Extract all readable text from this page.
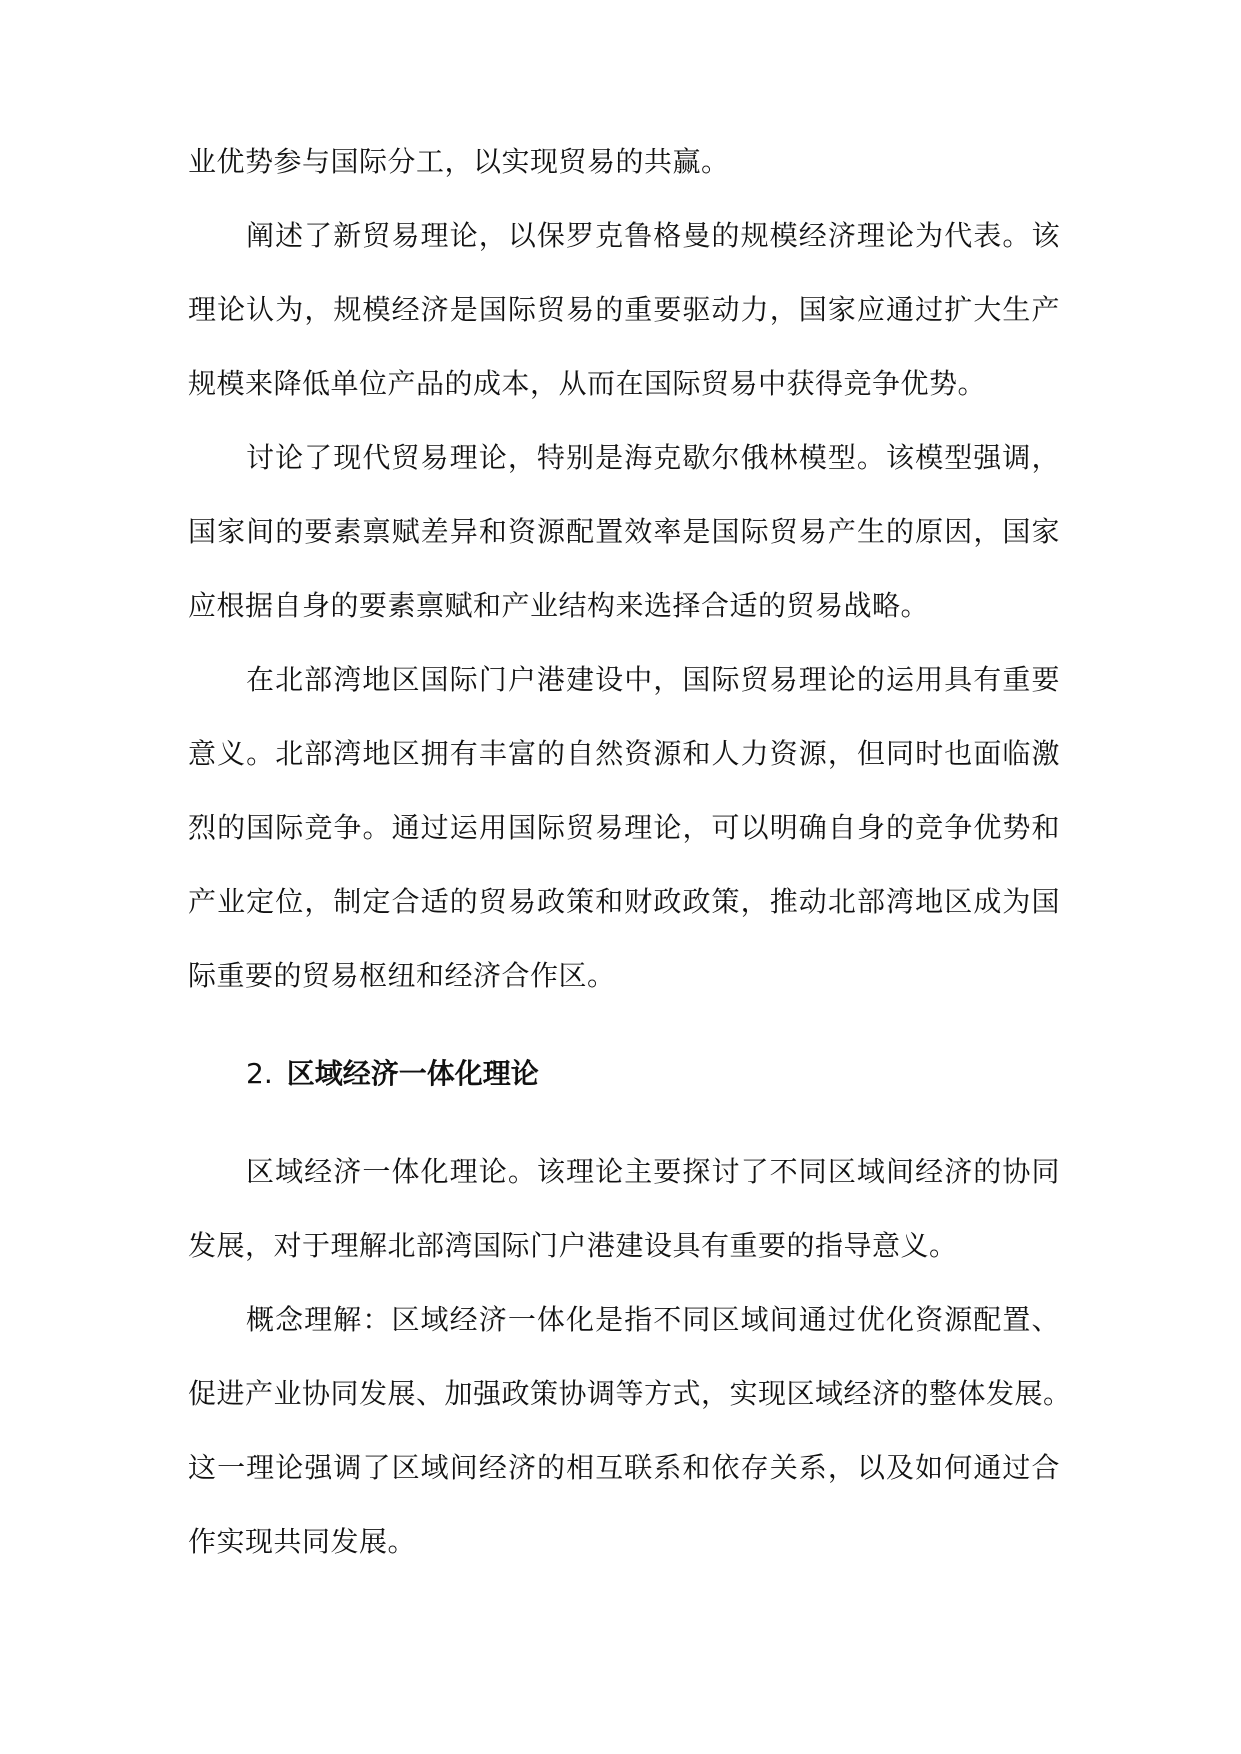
业优势参与国际分工，以实现贸易的共赢。
阐述了新贸易理论，以保罗克鲁格曼的规模经济理论为代表。该
理论认为，规模经济是国际贸易的重要驱动力，国家应通过扩大生产
规模来降低单位产品的成本，从而在国际贸易中获得竞争优势。
讨论了现代贸易理论，特别是海克歇尔俄林模型。该模型强调，
国家间的要素禀赋差异和资源配置效率是国际贸易产生的原因，国家
应根据自身的要素禀赋和产业结构来选择合适的贸易战略。
在北部湾地区国际门户港建设中，国际贸易理论的运用具有重要
意义。北部湾地区拥有丰富的自然资源和人力资源，但同时也面临激
烈的国际竞争。通过运用国际贸易理论，可以明确自身的竞争优势和
产业定位，制定合适的贸易政策和财政政策，推动北部湾地区成为国
际重要的贸易枢纽和经济合作区。
2. 区域经济一体化理论
区域经济一体化理论。该理论主要探讨了不同区域间经济的协同
发展，对于理解北部湾国际门户港建设具有重要的指导意义。
概念理解：区域经济一体化是指不同区域间通过优化资源配置、
促进产业协同发展、加强政策协调等方式，实现区域经济的整体发展。
这一理论强调了区域间经济的相互联系和依存关系，以及如何通过合
作实现共同发展。
